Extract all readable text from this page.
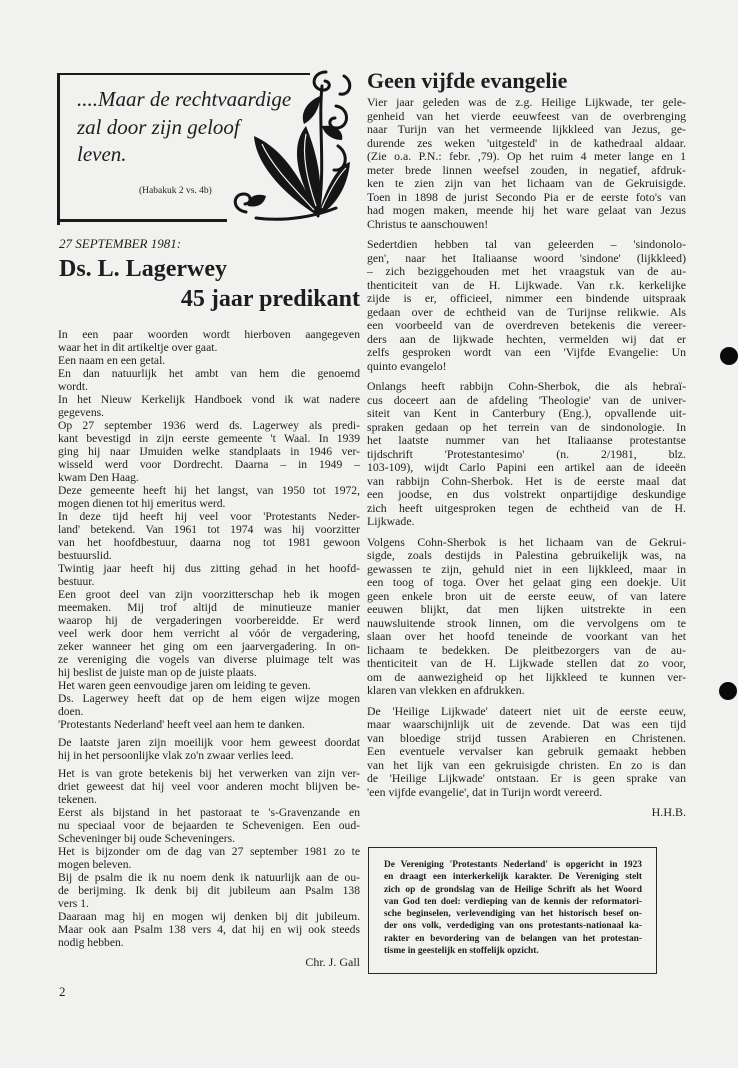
....Maar de rechtvaardige
zal door zijn geloof
leven.
(Habakuk 2 vs. 4b)
27 SEPTEMBER 1981:
Ds. L. Lagerwey
45 jaar predikant
In een paar woorden wordt hierboven aangegeven
waar het in dit artikeltje over gaat.
Een naam en een getal.
En dan natuurlijk het ambt van hem die genoemd
wordt.
In het Nieuw Kerkelijk Handboek vond ik wat nadere
gegevens.
Op 27 september 1936 werd ds. Lagerwey als predi-
kant bevestigd in zijn eerste gemeente 't Waal. In 1939
ging hij naar IJmuiden welke standplaats in 1946 ver-
wisseld werd voor Dordrecht. Daarna – in 1949 –
kwam Den Haag.
Deze gemeente heeft hij het langst, van 1950 tot 1972,
mogen dienen tot hij emeritus werd.
In deze tijd heeft hij veel voor 'Protestants Neder-
land' betekend. Van 1961 tot 1974 was hij voorzitter
van het hoofdbestuur, daarna nog tot 1981 gewoon
bestuurslid.
Twintig jaar heeft hij dus zitting gehad in het hoofd-
bestuur.
Een groot deel van zijn voorzitterschap heb ik mogen
meemaken. Mij trof altijd de minutieuze manier
waarop hij de vergaderingen voorbereidde. Er werd
veel werk door hem verricht al vóór de vergadering,
zeker wanneer het ging om een jaarvergadering. In on-
ze vereniging die vogels van diverse pluimage telt was
hij beslist de juiste man op de juiste plaats.
Het waren geen eenvoudige jaren om leiding te geven.
Ds. Lagerwey heeft dat op de hem eigen wijze mogen
doen.
'Protestants Nederland' heeft veel aan hem te danken.
De laatste jaren zijn moeilijk voor hem geweest doordat
hij in het persoonlijke vlak zo'n zwaar verlies leed.
Het is van grote betekenis bij het verwerken van zijn ver-
driet geweest dat hij veel voor anderen mocht blijven be-
tekenen.
Eerst als bijstand in het pastoraat te 's-Gravenzande en
nu speciaal voor de bejaarden te Schevenigen. Een oud-
Scheveninger bij oude Scheveningers.
Het is bijzonder om de dag van 27 september 1981 zo te
mogen beleven.
Bij de psalm die ik nu noem denk ik natuurlijk aan de ou-
de berijming. Ik denk bij dit jubileum aan Psalm 138
vers 1.
Daaraan mag hij en mogen wij denken bij dit jubileum.
Maar ook aan Psalm 138 vers 4, dat hij en wij ook steeds
nodig hebben.
Chr. J. Gall
Geen vijfde evangelie
Vier jaar geleden was de z.g. Heilige Lijkwade, ter gele-
genheid van het vierde eeuwfeest van de overbrenging
naar Turijn van het vermeende lijkkleed van Jezus, ge-
durende zes weken 'uitgesteld' in de kathedraal aldaar.
(Zie o.a. P.N.: febr. ,79). Op het ruim 4 meter lange en 1
meter brede linnen weefsel zouden, in negatief, afdruk-
ken te zien zijn van het lichaam van de Gekruisigde.
Toen in 1898 de jurist Secondo Pia er de eerste foto's van
had mogen maken, meende hij het ware gelaat van Jezus
Christus te aanschouwen!
Sedertdien hebben tal van geleerden – 'sindonolo-
gen', naar het Italiaanse woord 'sindone' (lijkkleed)
– zich beziggehouden met het vraagstuk van de au-
thenticiteit van de H. Lijkwade. Van r.k. kerkelijke
zijde is er, officieel, nimmer een bindende uitspraak
gedaan over de echtheid van de Turijnse relikwie. Als
een voorbeeld van de overdreven betekenis die vereer-
ders aan de lijkwade hechten, vermelden wij dat er
zelfs gesproken wordt van een 'Vijfde Evangelie: Un
quinto evangelo!
Onlangs heeft rabbijn Cohn-Sherbok, die als hebraï-
cus doceert aan de afdeling 'Theologie' van de univer-
siteit van Kent in Canterbury (Eng.), opvallende uit-
spraken gedaan op het terrein van de sindonologie. In
het laatste nummer van het Italiaanse protestantse
tijdschrift 'Protestantesimo' (n. 2/1981, blz.
103-109), wijdt Carlo Papini een artikel aan de ideeën
van rabbijn Cohn-Sherbok. Het is de eerste maal dat
een joodse, en dus volstrekt onpartijdige deskundige
zich heeft uitgesproken tegen de echtheid van de H.
Lijkwade.
Volgens Cohn-Sherbok is het lichaam van de Gekrui-
sigde, zoals destijds in Palestina gebruikelijk was, na
gewassen te zijn, gehuld niet in een lijkkleed, maar in
een toog of toga. Over het gelaat ging een doekje. Uit
geen enkele bron uit de eerste eeuw, of van latere
eeuwen blijkt, dat men lijken uitstrekte in een
nauwsluitende strook linnen, om die vervolgens om te
slaan over het hoofd teneinde de voorkant van het
lichaam te bedekken. De pleitbezorgers van de au-
thenticiteit van de H. Lijkwade stellen dat zo voor,
om de aanwezigheid op het lijkkleed te kunnen ver-
klaren van vlekken en afdrukken.
De 'Heilige Lijkwade' dateert niet uit de eerste eeuw,
maar waarschijnlijk uit de zevende. Dat was een tijd
van bloedige strijd tussen Arabieren en Christenen.
Een eventuele vervalser kan gebruik gemaakt hebben
van het lijk van een gekruisigde christen. En zo is dan
de 'Heilige Lijkwade' ontstaan. Er is geen sprake van
'een vijfde evangelie', dat in Turijn wordt vereerd.
H.H.B.
De Vereniging 'Protestants Nederland' is opgericht in 1923
en draagt een interkerkelijk karakter. De Vereniging stelt
zich op de grondslag van de Heilige Schrift als het Woord
van God ten doel: verdieping van de kennis der reformatori-
sche beginselen, verlevendiging van het historisch besef on-
der ons volk, verdediging van ons protestants-nationaal ka-
rakter en bevordering van de belangen van het protestan-
tisme in geestelijk en stoffelijk opzicht.
2
